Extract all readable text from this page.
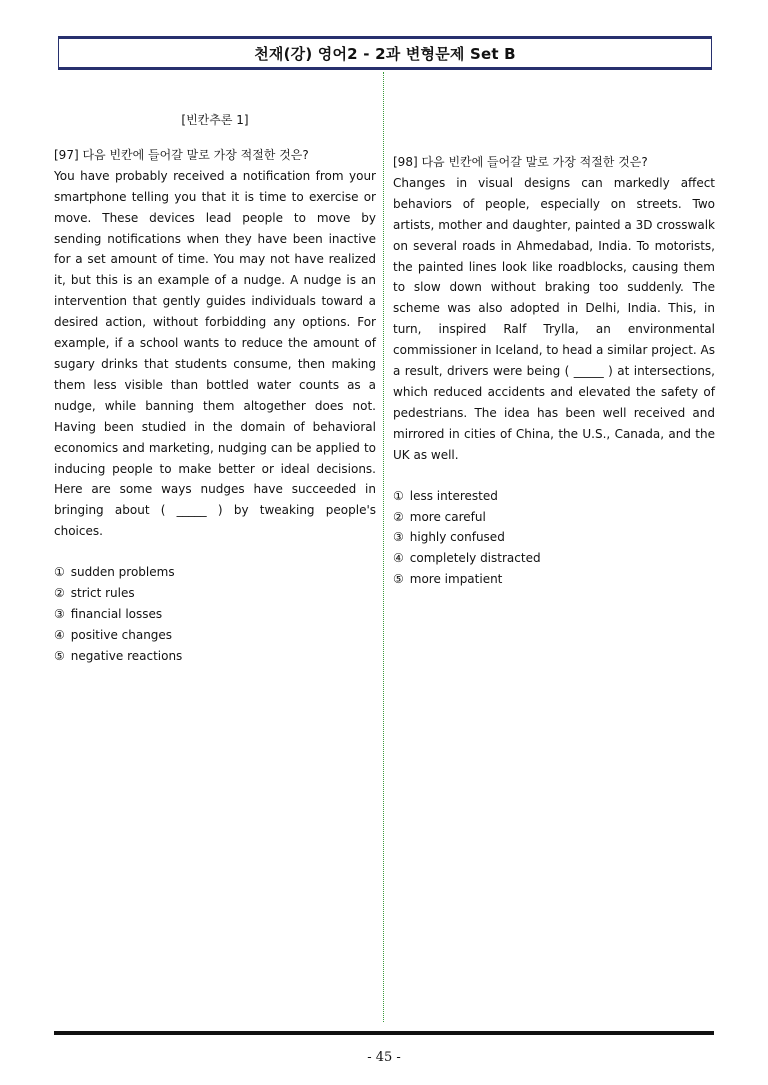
천재(강) 영어2 - 2과 변형문제 Set B
[빈칸추론 1]

[97] 다음 빈칸에 들어갈 말로 가장 적절한 것은?

You have probably received a notification from your smartphone telling you that it is time to exercise or move. These devices lead people to move by sending notifications when they have been inactive for a set amount of time. You may not have realized it, but this is an example of a nudge. A nudge is an intervention that gently guides individuals toward a desired action, without forbidding any options. For example, if a school wants to reduce the amount of sugary drinks that students consume, then making them less visible than bottled water counts as a nudge, while banning them altogether does not. Having been studied in the domain of behavioral economics and marketing, nudging can be applied to inducing people to make better or ideal decisions. Here are some ways nudges have succeeded in bringing about ( _____ ) by tweaking people's choices.

① sudden problems
② strict rules
③ financial losses
④ positive changes
⑤ negative reactions

[98] 다음 빈칸에 들어갈 말로 가장 적절한 것은?

Changes in visual designs can markedly affect behaviors of people, especially on streets. Two artists, mother and daughter, painted a 3D crosswalk on several roads in Ahmedabad, India. To motorists, the painted lines look like roadblocks, causing them to slow down without braking too suddenly. The scheme was also adopted in Delhi, India. This, in turn, inspired Ralf Trylla, an environmental commissioner in Iceland, to head a similar project. As a result, drivers were being ( _____ ) at intersections, which reduced accidents and elevated the safety of pedestrians. The idea has been well received and mirrored in cities of China, the U.S., Canada, and the UK as well.

① less interested
② more careful
③ highly confused
④ completely distracted
⑤ more impatient
- 45 -
